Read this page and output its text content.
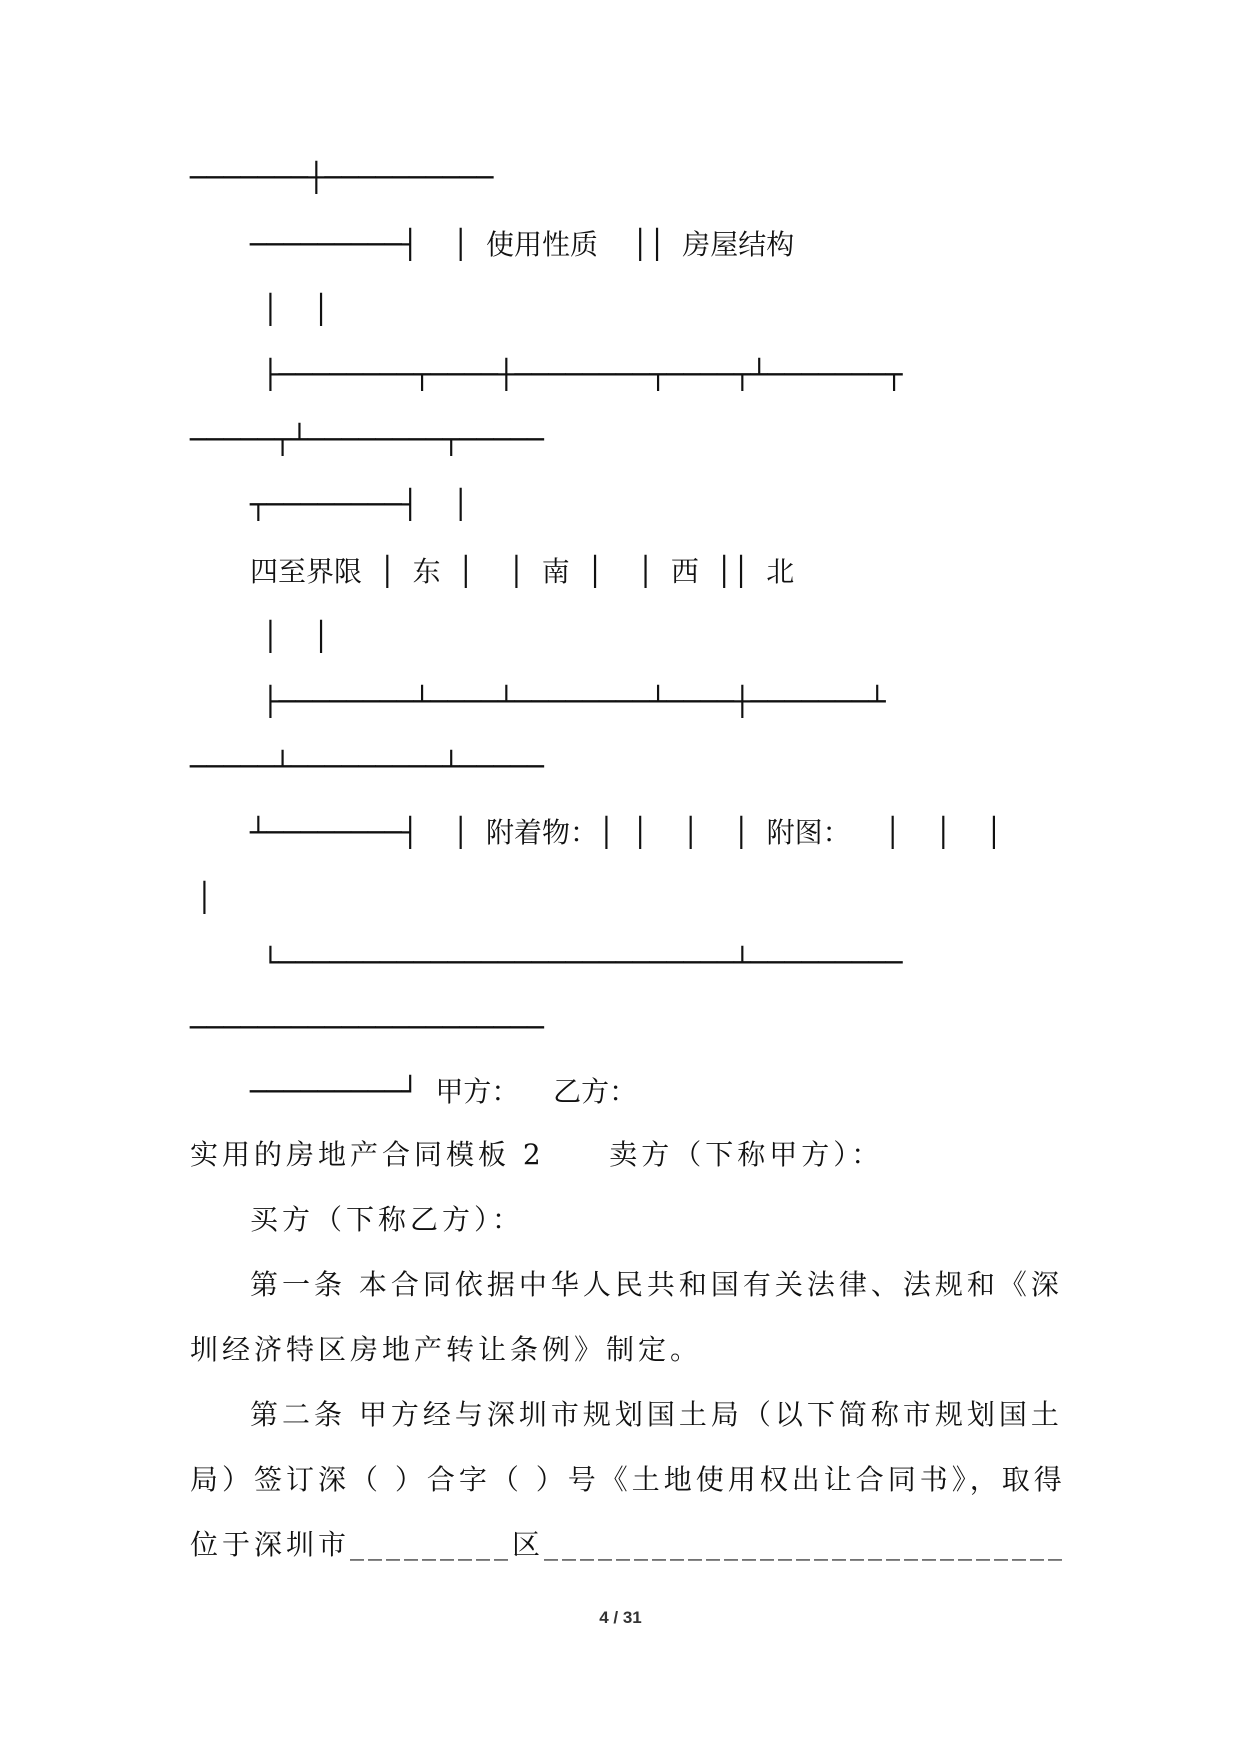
───────┼──────────
─────────┤  │ 使用性质  ││ 房屋结构
│  │
├────────┬────┼────────┬────┬┴───────┬
─────┬┴────────┬─────
┬────────┤  │
四至界限 │ 东 │  │ 南 │  │ 西 ││ 北
│  │
├────────┴────┴────────┴────┼───────┴
─────┴─────────┴─────
┴────────┤  │ 附着物：│ │  │  │ 附图：  │  │  │
│
└───────────────────────────┴─────────
─────────────────────
─────────┘ 甲方：  乙方：
实用的房地产合同模板 2     卖方（下称甲方）：
买方（下称乙方）：
第一条 本合同依据中华人民共和国有关法律、法规和《深
圳经济特区房地产转让条例》制定。
第二条 甲方经与深圳市规划国土局（以下简称市规划国土
局）签订深（ ）合字（ ）号《土地使用权出让合同书》，取得
位于深圳市_________区_____________________________
4 / 31
